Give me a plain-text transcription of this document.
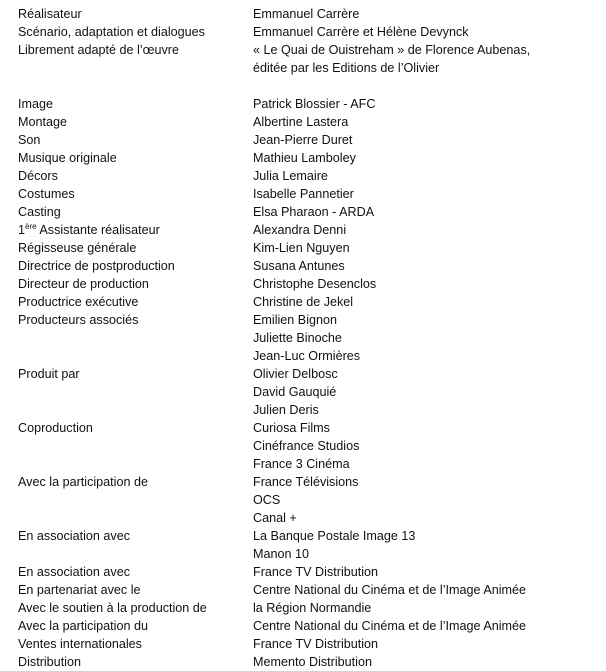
Réalisateur	Emmanuel Carrère
Scénario, adaptation et dialogues	Emmanuel Carrère et Hélène Devynck
Librement adapté de l’œuvre	« Le Quai de Ouistreham » de Florence Aubenas,
éditée par les Editions de l’Olivier
Image	Patrick Blossier - AFC
Montage	Albertine Lastera
Son	Jean-Pierre Duret
Musique originale	Mathieu Lamboley
Décors	Julia Lemaire
Costumes	Isabelle Pannetier
Casting	Elsa Pharaon - ARDA
1ère Assistante réalisateur	Alexandra Denni
Régisseuse générale	Kim-Lien Nguyen
Directrice de postproduction	Susana Antunes
Directeur de production	Christophe Desenclos
Productrice exécutive	Christine de Jekel
Producteurs associés	Emilien Bignon
Juliette Binoche
Jean-Luc Ormières
Produit par	Olivier Delbosc
David Gauquié
Julien Deris
Coproduction	Curiosa Films
Cinéfrance Studios
France 3 Cinéma
Avec la participation de	France Télévisions
OCS
Canal +
En association avec	La Banque Postale Image 13
Manon 10
En association avec	France TV Distribution
En partenariat avec le	Centre National du Cinéma et de l’Image Animée
Avec le soutien à la production de	la Région Normandie
Avec la participation du	Centre National du Cinéma et de l’Image Animée
Ventes internationales	France TV Distribution
Distribution	Memento Distribution
